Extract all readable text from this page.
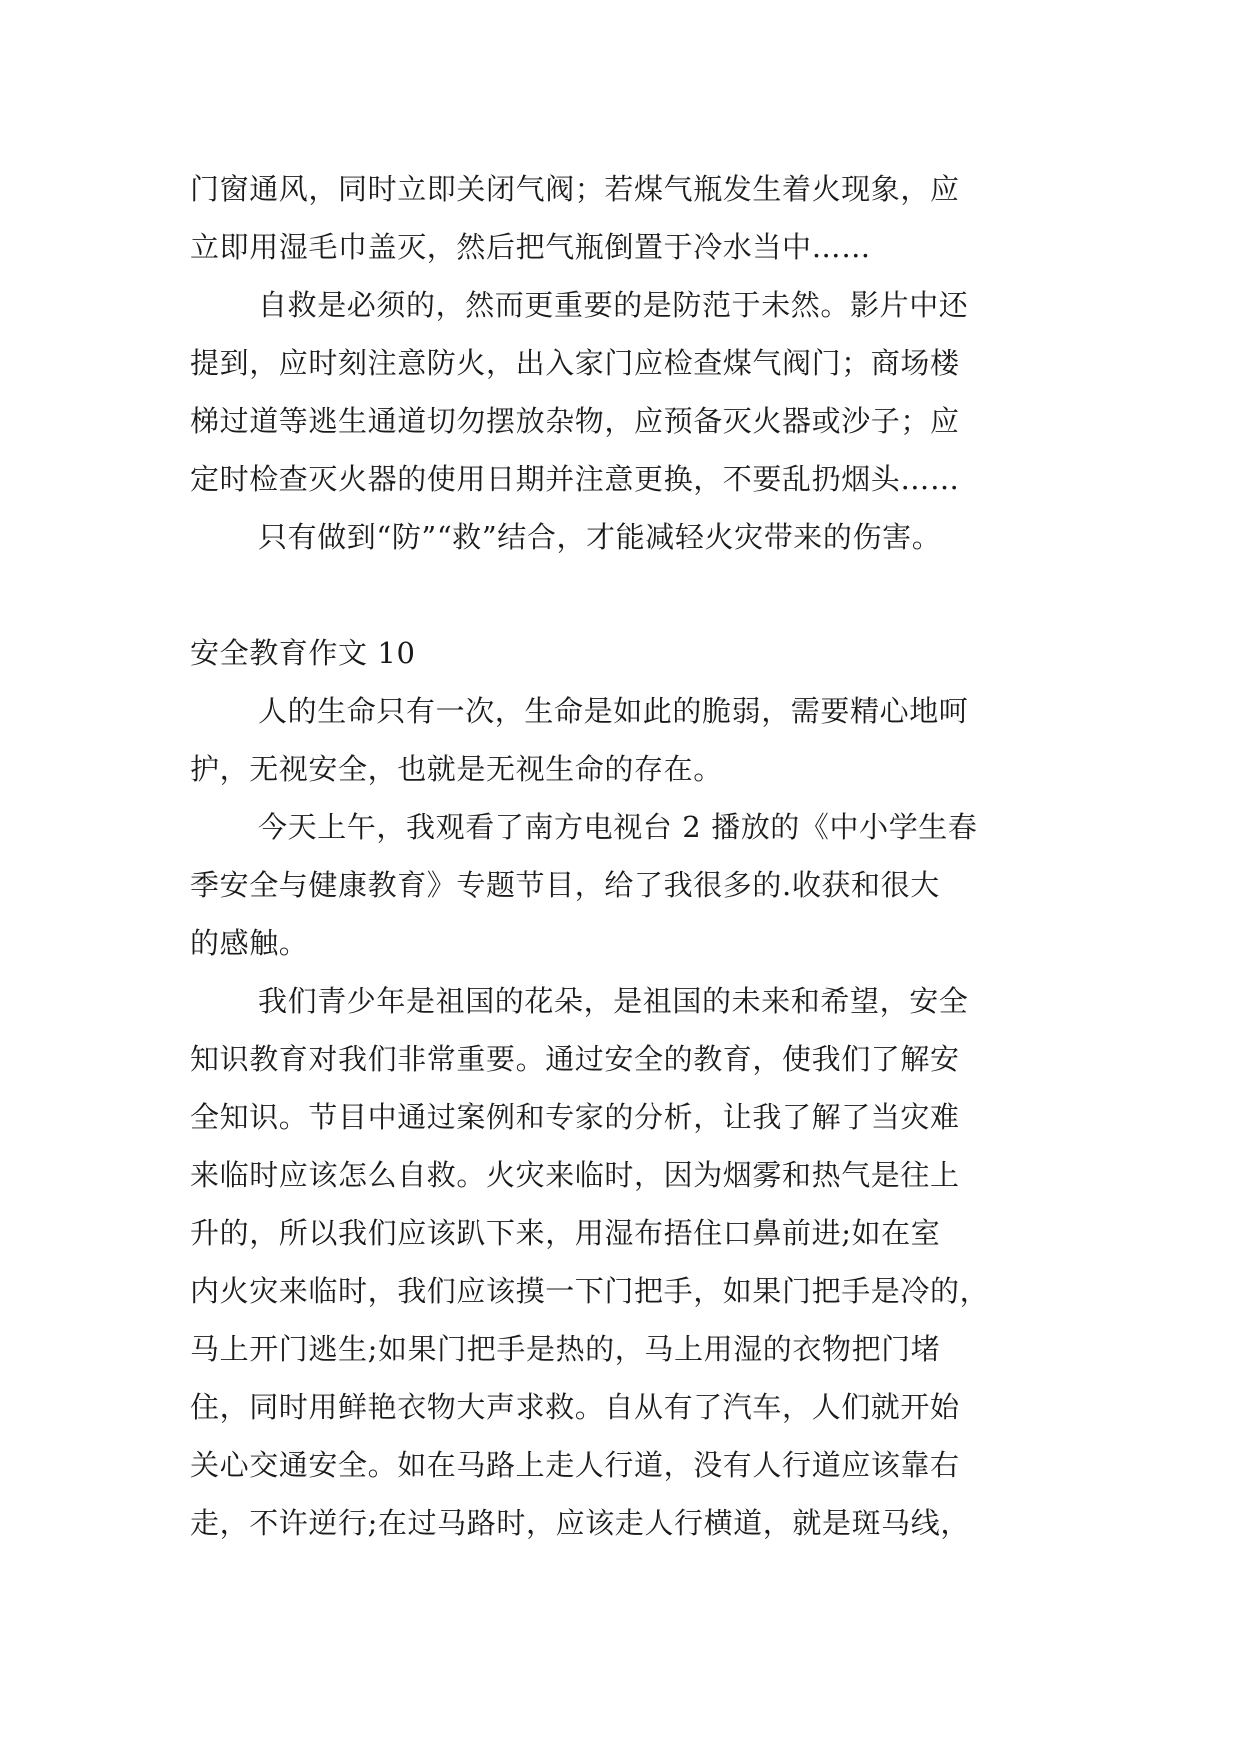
门窗通风，同时立即关闭气阀；若煤气瓶发生着火现象，应
立即用湿毛巾盖灭，然后把气瓶倒置于冷水当中……
自救是必须的，然而更重要的是防范于未然。影片中还
提到，应时刻注意防火，出入家门应检查煤气阀门；商场楼
梯过道等逃生通道切勿摆放杂物，应预备灭火器或沙子；应
定时检查灭火器的使用日期并注意更换，不要乱扔烟头……
只有做到“防”“救”结合，才能减轻火灾带来的伤害。
安全教育作文 10
人的生命只有一次，生命是如此的脆弱，需要精心地呵
护，无视安全，也就是无视生命的存在。
今天上午，我观看了南方电视台 2 播放的《中小学生春
季安全与健康教育》专题节目，给了我很多的.收获和很大
的感触。
我们青少年是祖国的花朵，是祖国的未来和希望，安全
知识教育对我们非常重要。通过安全的教育，使我们了解安
全知识。节目中通过案例和专家的分析，让我了解了当灾难
来临时应该怎么自救。火灾来临时，因为烟雾和热气是往上
升的，所以我们应该趴下来，用湿布捂住口鼻前进;如在室
内火灾来临时，我们应该摸一下门把手，如果门把手是冷的，
马上开门逃生;如果门把手是热的，马上用湿的衣物把门堵
住，同时用鲜艳衣物大声求救。自从有了汽车，人们就开始
关心交通安全。如在马路上走人行道，没有人行道应该靠右
走，不许逆行;在过马路时，应该走人行横道，就是斑马线，
